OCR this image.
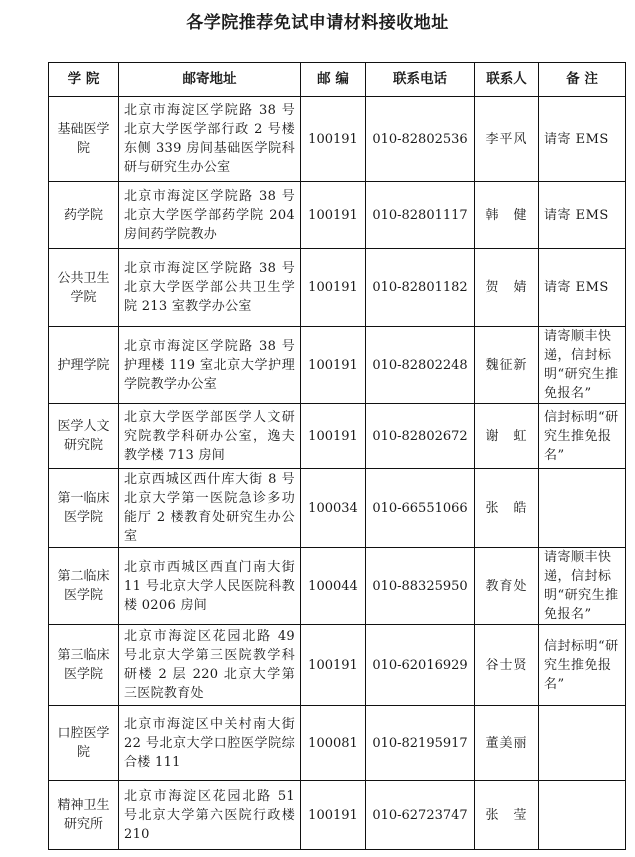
各学院推荐免试申请材料接收地址
学 院	邮寄地址	邮 编	联系电话	联系人	备 注
基础医学院	北京市海淀区学院路 38 号北京大学医学部行政 2 号楼东侧 339 房间基础医学院科研与研究生办公室	100191	010-82802536	李平风	请寄 EMS
药学院	北京市海淀区学院路 38 号北京大学医学部药学院 204 房间药学院教办	100191	010-82801117	韩　健	请寄 EMS
公共卫生学院	北京市海淀区学院路 38 号北京大学医学部公共卫生学院 213 室教学办公室	100191	010-82801182	贺　婧	请寄 EMS
护理学院	北京市海淀区学院路 38 号护理楼 119 室北京大学护理学院教学办公室	100191	010-82802248	魏征新	请寄顺丰快递，信封标明“研究生推免报名”
医学人文研究院	北京大学医学部医学人文研究院教学科研办公室，逸夫教学楼 713 房间	100191	010-82802672	谢　虹	信封标明“研究生推免报名”
第一临床医学院	北京西城区西什库大街 8 号北京大学第一医院急诊多功能厅 2 楼教育处研究生办公室	100034	010-66551066	张　皓	
第二临床医学院	北京市西城区西直门南大街 11 号北京大学人民医院科教楼 0206 房间	100044	010-88325950	教育处	请寄顺丰快递，信封标明“研究生推免报名”
第三临床医学院	北京市海淀区花园北路 49 号北京大学第三医院教学科研楼 2 层 220 北京大学第三医院教育处	100191	010-62016929	谷士贤	信封标明“研究生推免报名”
口腔医学院	北京市海淀区中关村南大街 22 号北京大学口腔医学院综合楼 111	100081	010-82195917	董美丽	
精神卫生研究所	北京市海淀区花园北路 51 号北京大学第六医院行政楼 210	100191	010-62723747	张　莹	
